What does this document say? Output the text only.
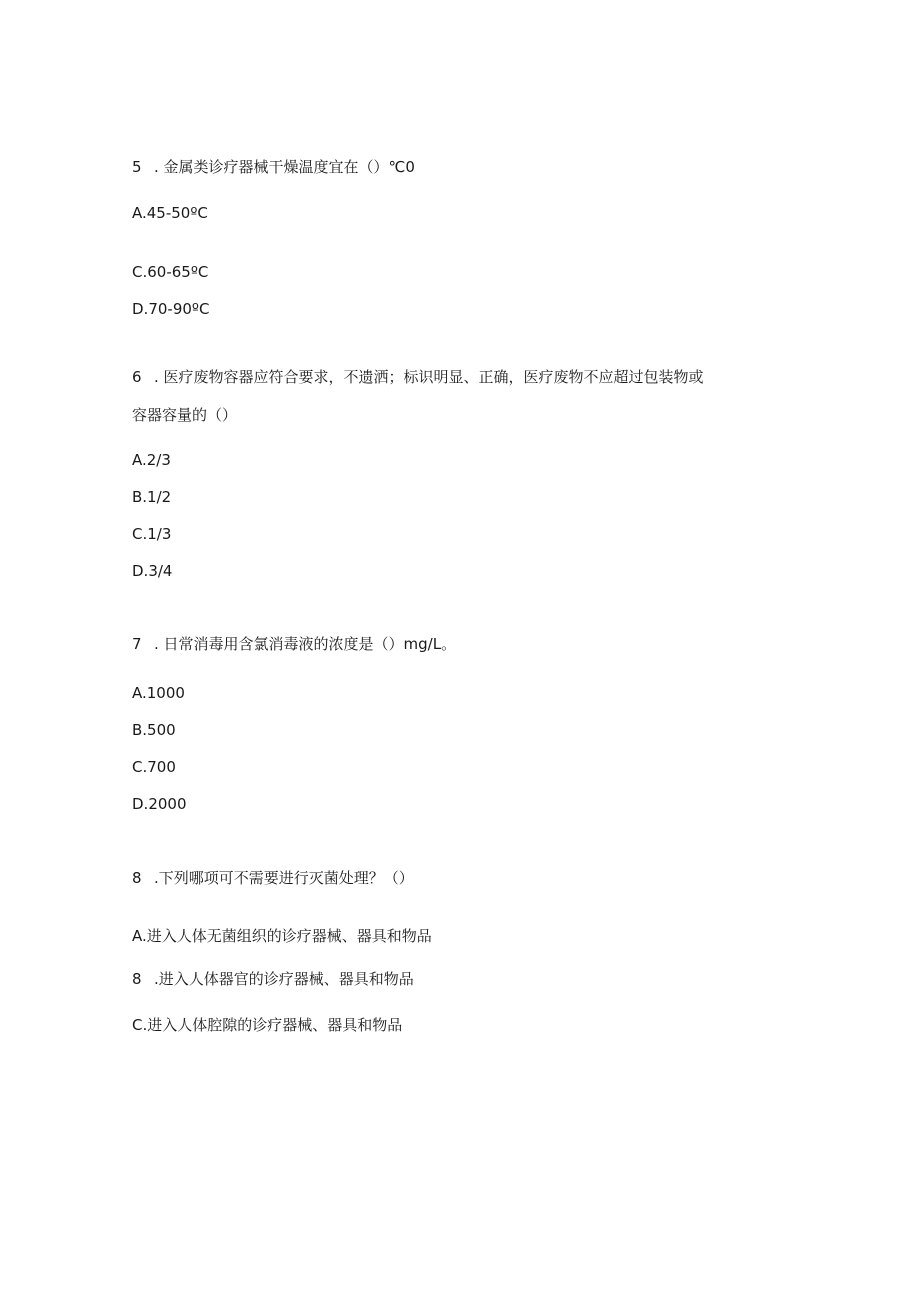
5 . 金属类诊疗器械干燥温度宜在（）℃0
A.45-50ºC
C.60-65ºC
D.70-90ºC
6 . 医疗废物容器应符合要求，不遗洒；标识明显、正确，医疗废物不应超过包装物或
容器容量的（）
A.2/3
B.1/2
C.1/3
D.3/4
7 . 日常消毒用含氯消毒液的浓度是（）mg/L。
A.1000
B.500
C.700
D.2000
8 .下列哪项可不需要进行灭菌处理？（）
A.进入人体无菌组织的诊疗器械、器具和物品
8 .进入人体器官的诊疗器械、器具和物品
C.进入人体腔隙的诊疗器械、器具和物品
